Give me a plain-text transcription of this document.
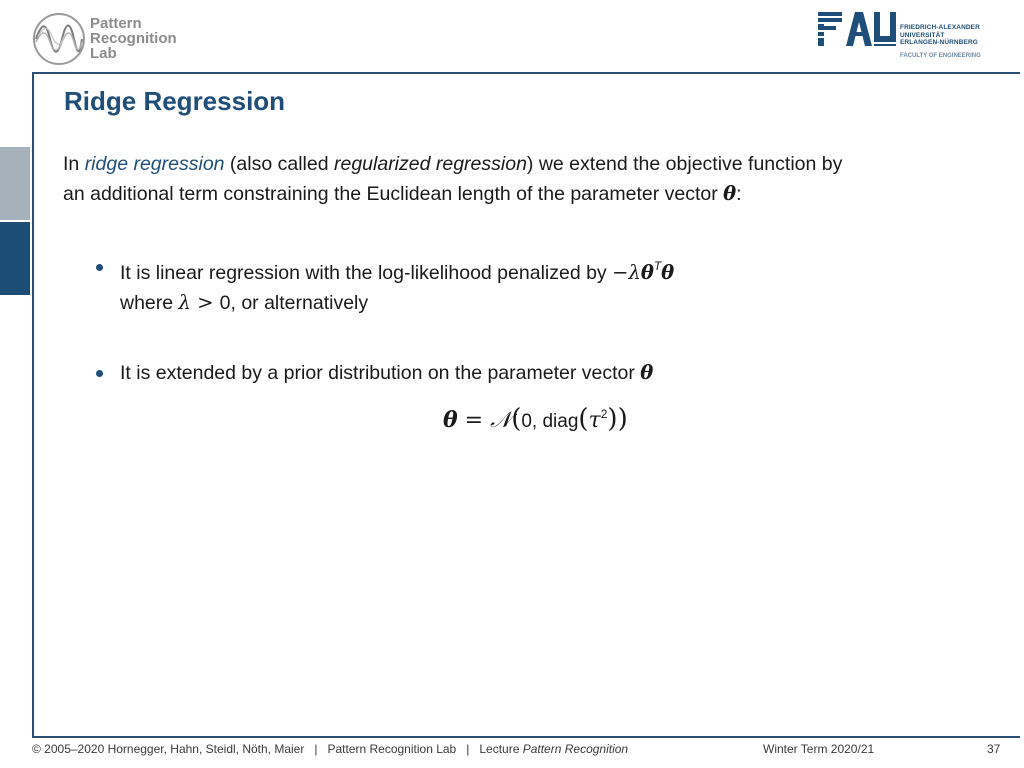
Pattern
Recognition
Lab
FRIEDRICH-ALEXANDER
UNIVERSITÄT
ERLANGEN-NÜRNBERG
FACULTY OF ENGINEERING
Ridge Regression

In ridge regression (also called regularized regression) we extend the objective function by an additional term constraining the Euclidean length of the parameter vector θ:

It is linear regression with the log-likelihood penalized by $-\lambda\theta^T\theta$
where λ > 0, or alternatively
It is extended by a prior distribution on the parameter vector θ
θ = 𝒩(0, $diag(\tau^2)$)
© 2005–2020 Hornegger, Hahn, Steidl, Nöth, Maier   |   Pattern Recognition Lab   |   Lecture Pattern Recognition	Winter Term 2020/21	37
